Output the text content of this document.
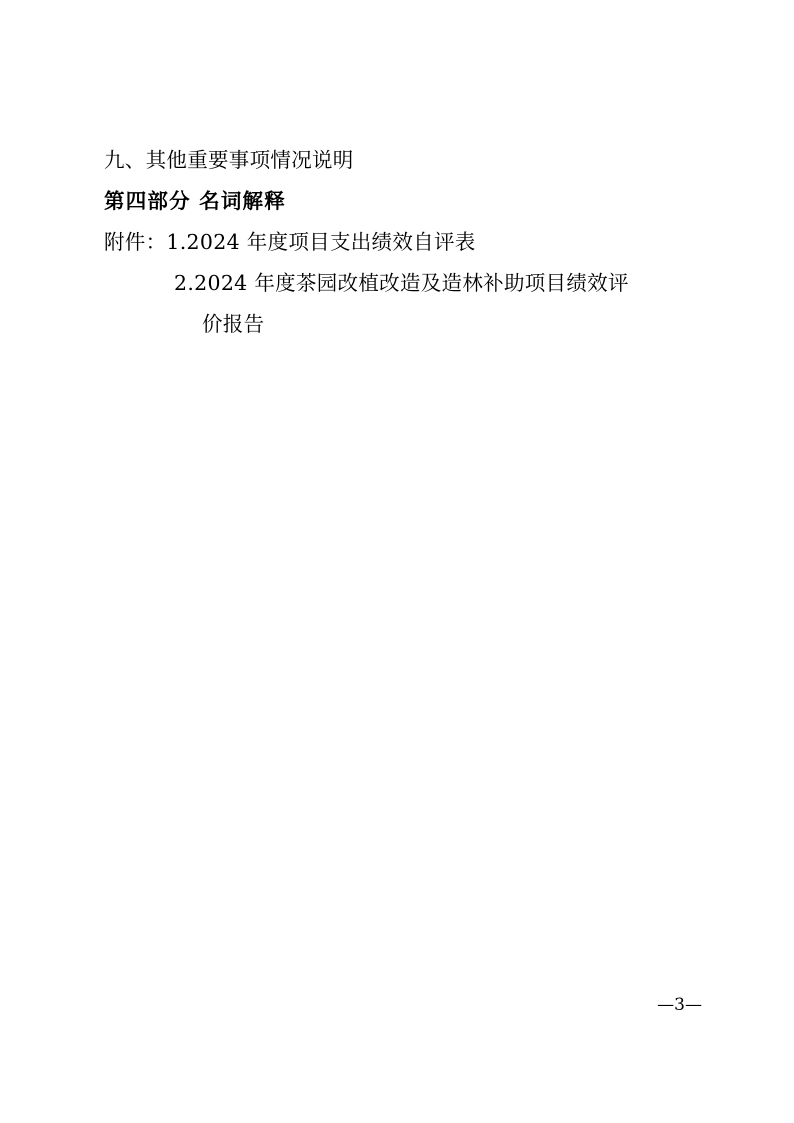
九、其他重要事项情况说明
第四部分 名词解释
附件：1.2024 年度项目支出绩效自评表
2.2024 年度茶园改植改造及造林补助项目绩效评
价报告
—3—
